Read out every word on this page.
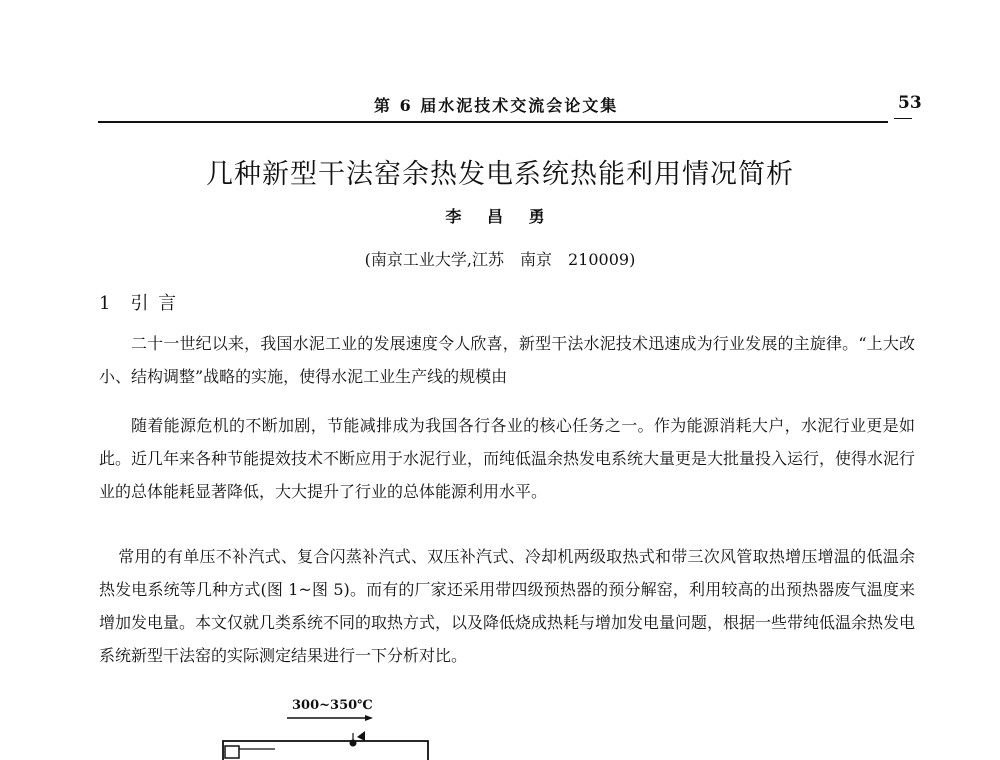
第 6 届水泥技术交流会论文集	53
几种新型干法窑余热发电系统热能利用情况简析
李 昌 勇
(南京工业大学,江苏　南京　210009)
1 引 言
二十一世纪以来，我国水泥工业的发展速度令人欣喜，新型干法水泥技术迅速成为行业发展的主旋律。“上大改小、结构调整”战略的实施，使得水泥工业生产线的规模由
随着能源危机的不断加剧，节能减排成为我国各行各业的核心任务之一。作为能源消耗大户，水泥行业更是如此。近几年来各种节能提效技术不断应用于水泥行业，而纯低温余热发电系统大量更是大批量投入运行，使得水泥行业的总体能耗显著降低，大大提升了行业的总体能源利用水平。
常用的有单压不补汽式、复合闪蒸补汽式、双压补汽式、冷却机两级取热式和带三次风管取热增压增温的低温余热发电系统等几种方式(图 1~图 5)。而有的厂家还采用带四级预热器的预分解窑，利用较高的出预热器废气温度来增加发电量。本文仅就几类系统不同的取热方式，以及降低烧成热耗与增加发电量问题，根据一些带纯低温余热发电系统新型干法窑的实际测定结果进行一下分析对比。
300~350℃
